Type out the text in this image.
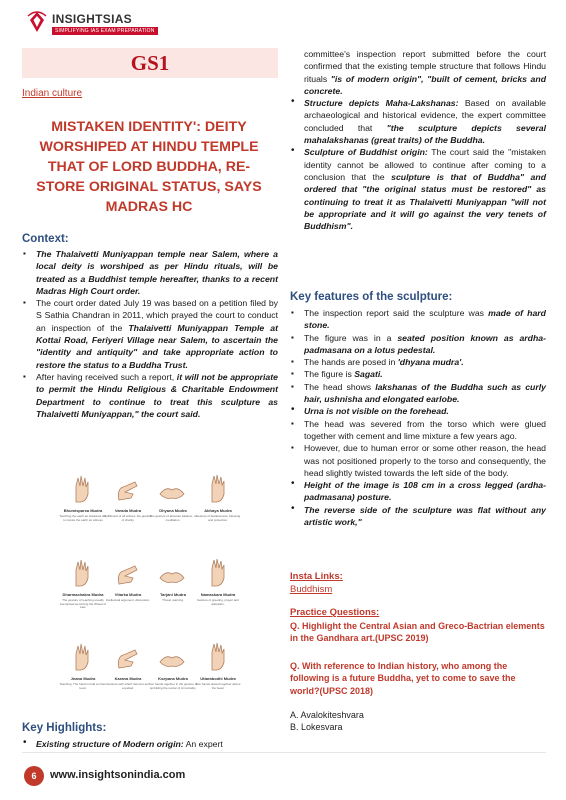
INSIGHTSIAS
SIMPLIFYING IAS EXAM PREPARATION
GS1
Indian culture
MISTAKEN IDENTITY': DEITY WORSHIPED AT HINDU TEMPLE THAT OF LORD BUDDHA, RE-STORE ORIGINAL STATUS, SAYS MADRAS HC
Context:
▪ The Thalaivetti Muniyappan temple near Salem, where a local deity is worshiped as per Hindu rituals, will be treated as a Buddhist temple hereafter, thanks to a recent Madras High Court order.
▪ The court order dated July 19 was based on a petition filed by S Sathia Chandran in 2011, which prayed the court to conduct an inspection of the Thalaivetti Muniyappan Temple at Kottai Road, Feriyeri Village near Salem, to ascertain the "identity and antiquity" and take appropriate action to restore the status to a Buddha Trust.
▪ After having received such a report, it will not be appropriate to permit the Hindu Religious & Charitable Endowment Department to continue to treat this sculpture as Thalaivetti Muniyappan," the court said.
Bhumisparsa Mudra
Touching the earth as Gautama did, to invoke the earth as witness
Varada Mudra
Fulfillment of all wishes; the gesture of charity.
Dhyana Mudra
The gesture of absolute balance, of meditation.
Abhaya Mudra
Gesture of fearlessness, blessing and protection.
Dharmachakra Mudra
The gesture of teaching usually interpreted as turning the Wheel of Law.
Vitarka Mudra
Intellectual argument, discussion.
Tarjani Mudra
Threat, warning.
Namaskara Mudra
Gesture of greeting, prayer and adoration.
Jnana Mudra
Teaching. The hand is held at chest level.
Karana Mudra
Gesture with which demons are expelled.
Ksepana Mudra
Two hands together in the gesture of sprinkling the nectar of immortality.
Uttarabodhi Mudra
Two hands placed together above the head.
Key Highlights:
• Existing structure of Modern origin: An expert

committee's inspection report submitted before the court confirmed that the existing temple structure that follows Hindu rituals "is of modern origin", "built of cement, bricks and concrete.

• Structure depicts Maha-Lakshanas: Based on available archaeological and historical evidence, the expert committee concluded that "the sculpture depicts several mahalakshanas (great traits) of the Buddha.
• Sculpture of Buddhist origin: The court said the "mistaken identity cannot be allowed to continue after coming to a conclusion that the sculpture is that of Buddha" and ordered that "the original status must be restored" as continuing to treat it as Thalaivetti Muniyappan "will not be appropriate and it will go against the very tenets of Buddhism".
Key features of the sculpture:
▪ The inspection report said the sculpture was made of hard stone.
▪ The figure was in a seated position known as ardha-padmasana on a lotus pedestal.
▪ The hands are posed in 'dhyana mudra'.
▪ The figure is Sagati.
▪ The head shows lakshanas of the Buddha such as curly hair, ushnisha and elongated earlobe.
• Urna is not visible on the forehead.
▪ The head was severed from the torso which were glued together with cement and lime mixture a few years ago.
▪ However, due to human error or some other reason, the head was not positioned properly to the torso and consequently, the head slightly twisted towards the left side of the body.
• Height of the image is 108 cm in a cross legged (ardha-padmasana) posture.
• The reverse side of the sculpture was flat without any artistic work,"
Insta Links:
Buddhism
Practice Questions:
Q. Highlight the Central Asian and Greco-Bactrian elements in the Gandhara art.(UPSC 2019)
Q. With reference to Indian history, who among the following is a future Buddha, yet to come to save the world?(UPSC 2018)
A. Avalokiteshvara
B. Lokesvara
6	www.insightsonindia.com
